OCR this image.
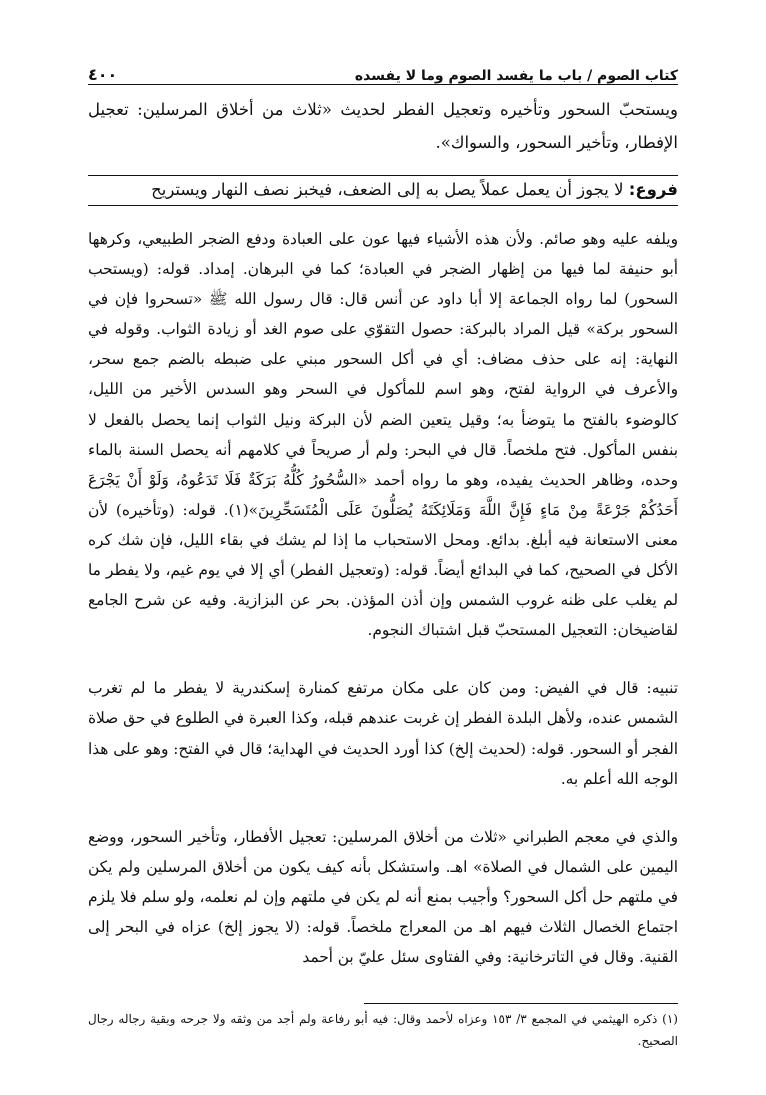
كتاب الصوم / باب ما يفسد الصوم وما لا يفسده
٤٠٠
ويستحبّ السحور وتأخيره وتعجيل الفطر لحديث «ثلاث من أخلاق المرسلين: تعجيل الإفطار، وتأخير السحور، والسواك».
فروع: لا يجوز أن يعمل عملاً يصل به إلى الضعف، فيخبز نصف النهار ويستريح

ويلفه عليه وهو صائم. ولأن هذه الأشياء فيها عون على العبادة ودفع الضجر الطبيعي، وكرهها أبو حنيفة لما فيها من إظهار الضجر في العبادة؛ كما في البرهان. إمداد. قوله: (ويستحب السحور) لما رواه الجماعة إلا أبا داود عن أنس قال: قال رسول الله ﷺ «تسحروا فإن في السحور بركة» قيل المراد بالبركة: حصول التقوّي على صوم الغد أو زيادة الثواب. وقوله في النهاية: إنه على حذف مضاف: أي في أكل السحور مبني على ضبطه بالضم جمع سحر، والأعرف في الرواية لفتح، وهو اسم للمأكول في السحر وهو السدس الأخير من الليل، كالوضوء بالفتح ما يتوضأ به؛ وقيل يتعين الضم لأن البركة ونيل الثواب إنما يحصل بالفعل لا بنفس المأكول. فتح ملخصاً. قال في البحر: ولم أر صريحاً في كلامهم أنه يحصل السنة بالماء وحده، وظاهر الحديث يفيده، وهو ما رواه أحمد «السُّحُورُ كُلُّهُ بَرَكَةٌ فَلَا تَدَعُوهُ، وَلَوْ أَنْ يَجْرَعَ أَحَدُكُمْ جَرْعَةً مِنْ مَاءٍ فَإِنَّ اللَّهَ وَمَلَائِكَتَهُ يُصَلُّونَ عَلَى الْمُتَسَحِّرِينَ»(١). قوله: (وتأخيره) لأن معنى الاستعانة فيه أبلغ. بدائع. ومحل الاستحباب ما إذا لم يشك في بقاء الليل، فإن شك كره الأكل في الصحيح، كما في البدائع أيضاً. قوله: (وتعجيل الفطر) أي إلا في يوم غيم، ولا يفطر ما لم يغلب على ظنه غروب الشمس وإن أذن المؤذن. بحر عن البزازية. وفيه عن شرح الجامع لقاضيخان: التعجيل المستحبّ قبل اشتباك النجوم.

تنبيه: قال في الفيض: ومن كان على مكان مرتفع كمنارة إسكندرية لا يفطر ما لم تغرب الشمس عنده، ولأهل البلدة الفطر إن غربت عندهم قبله، وكذا العبرة في الطلوع في حق صلاة الفجر أو السحور. قوله: (لحديث إلخ) كذا أورد الحديث في الهداية؛ قال في الفتح: وهو على هذا الوجه الله أعلم به.

والذي في معجم الطبراني «ثلاث من أخلاق المرسلين: تعجيل الأفطار، وتأخير السحور، ووضع اليمين على الشمال في الصلاة» اهـ. واستشكل بأنه كيف يكون من أخلاق المرسلين ولم يكن في ملتهم حل أكل السحور؟ وأجيب بمنع أنه لم يكن في ملتهم وإن لم نعلمه، ولو سلم فلا يلزم اجتماع الخصال الثلاث فيهم اهـ من المعراج ملخصاً. قوله: (لا يجوز إلخ) عزاه في البحر إلى القنية. وقال في التاترخانية: وفي الفتاوى سئل عليّ بن أحمد

(١) ذكره الهيثمي في المجمع ٣/ ١٥٣ وعزاه لأحمد وقال: فيه أبو رفاعة ولم أجد من وثقه ولا جرحه وبقية رجاله رجال الصحيح.
